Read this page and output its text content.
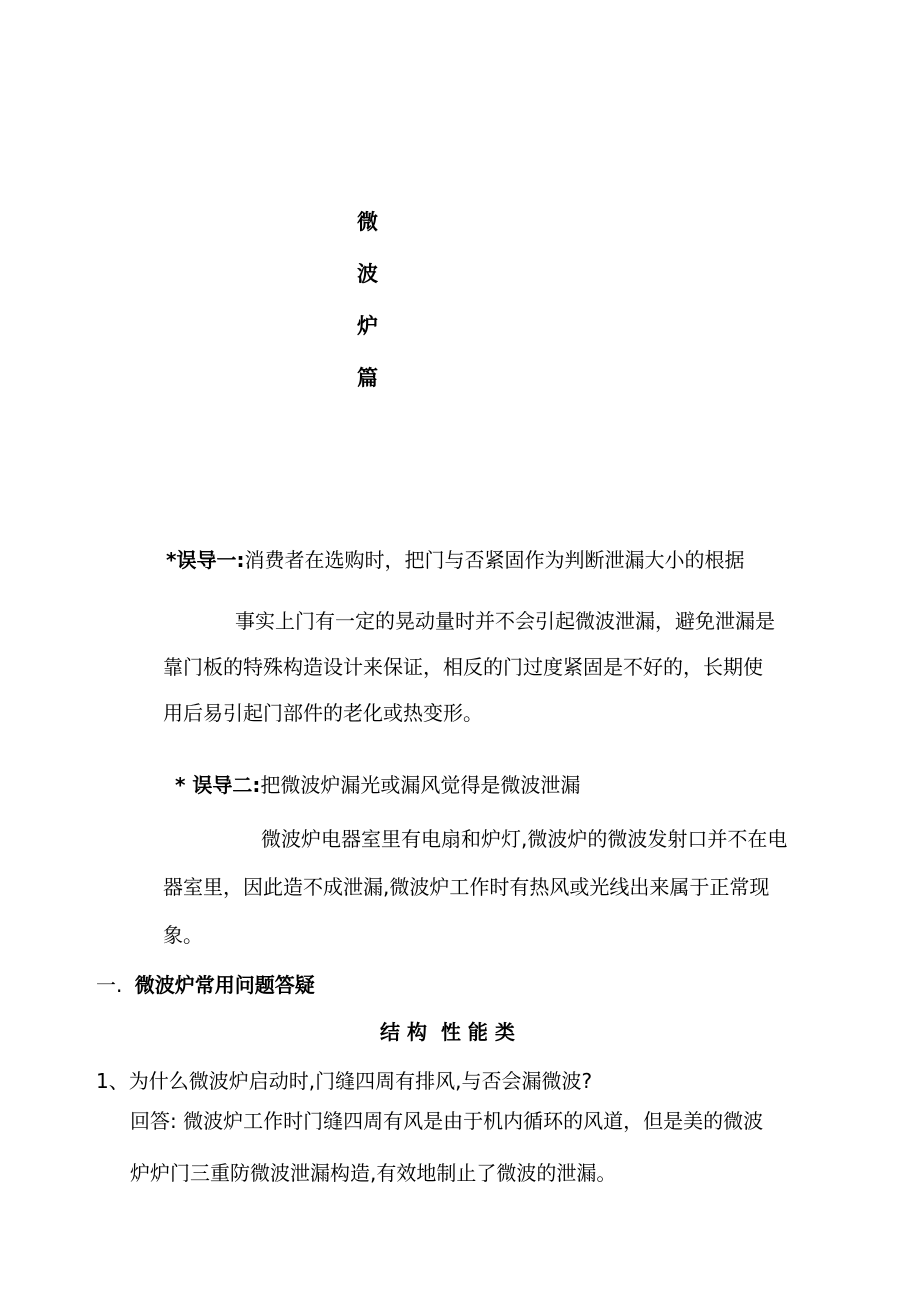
微
波
炉
篇
*误导一:消费者在选购时，把门与否紧固作为判断泄漏大小的根据
事实上门有一定的晃动量时并不会引起微波泄漏，避免泄漏是
靠门板的特殊构造设计来保证，相反的门过度紧固是不好的，长期使
用后易引起门部件的老化或热变形。
* 误导二:把微波炉漏光或漏风觉得是微波泄漏
微波炉电器室里有电扇和炉灯,微波炉的微波发射口并不在电
器室里，因此造不成泄漏,微波炉工作时有热风或光线出来属于正常现
象。
一. 微波炉常用问题答疑
结 构  性 能 类
1、为什么微波炉启动时,门缝四周有排风,与否会漏微波?
回答: 微波炉工作时门缝四周有风是由于机内循环的风道，但是美的微波
炉炉门三重防微波泄漏构造,有效地制止了微波的泄漏。
